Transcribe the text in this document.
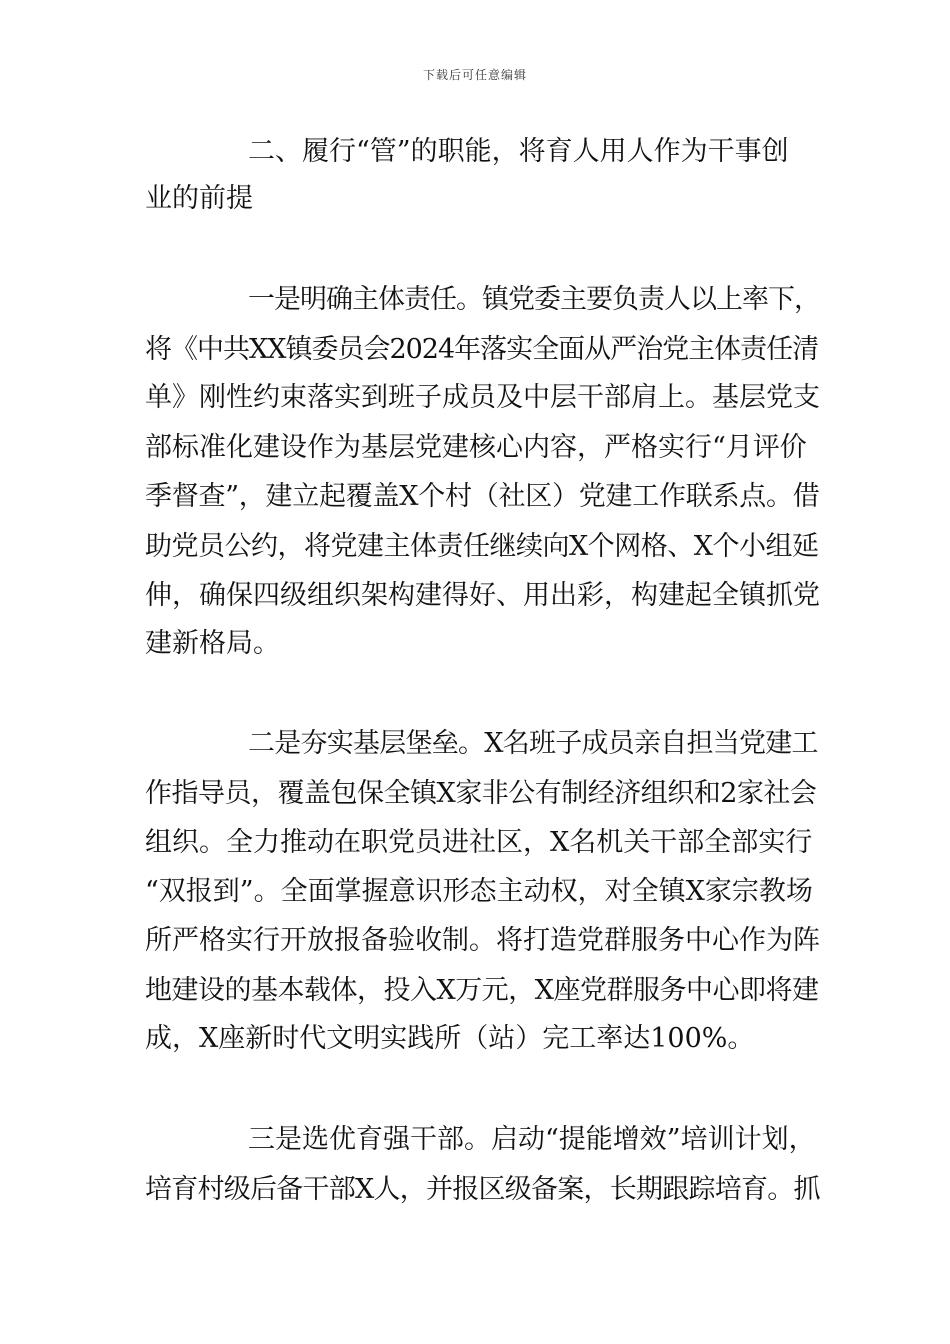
下载后可任意编辑
二、履行“管”的职能，将育人用人作为干事创
业的前提
一是明确主体责任。镇党委主要负责人以上率下，
将《中共XX镇委员会2024年落实全面从严治党主体责任清
单》刚性约束落实到班子成员及中层干部肩上。基层党支
部标准化建设作为基层党建核心内容，严格实行“月评价
季督查”，建立起覆盖X个村（社区）党建工作联系点。借
助党员公约，将党建主体责任继续向X个网格、X个小组延
伸，确保四级组织架构建得好、用出彩，构建起全镇抓党
建新格局。
二是夯实基层堡垒。X名班子成员亲自担当党建工
作指导员，覆盖包保全镇X家非公有制经济组织和2家社会
组织。全力推动在职党员进社区，X名机关干部全部实行
“双报到”。全面掌握意识形态主动权，对全镇X家宗教场
所严格实行开放报备验收制。将打造党群服务中心作为阵
地建设的基本载体，投入X万元，X座党群服务中心即将建
成，X座新时代文明实践所（站）完工率达100%。
三是选优育强干部。启动“提能增效”培训计划，
培育村级后备干部X人，并报区级备案，长期跟踪培育。抓
